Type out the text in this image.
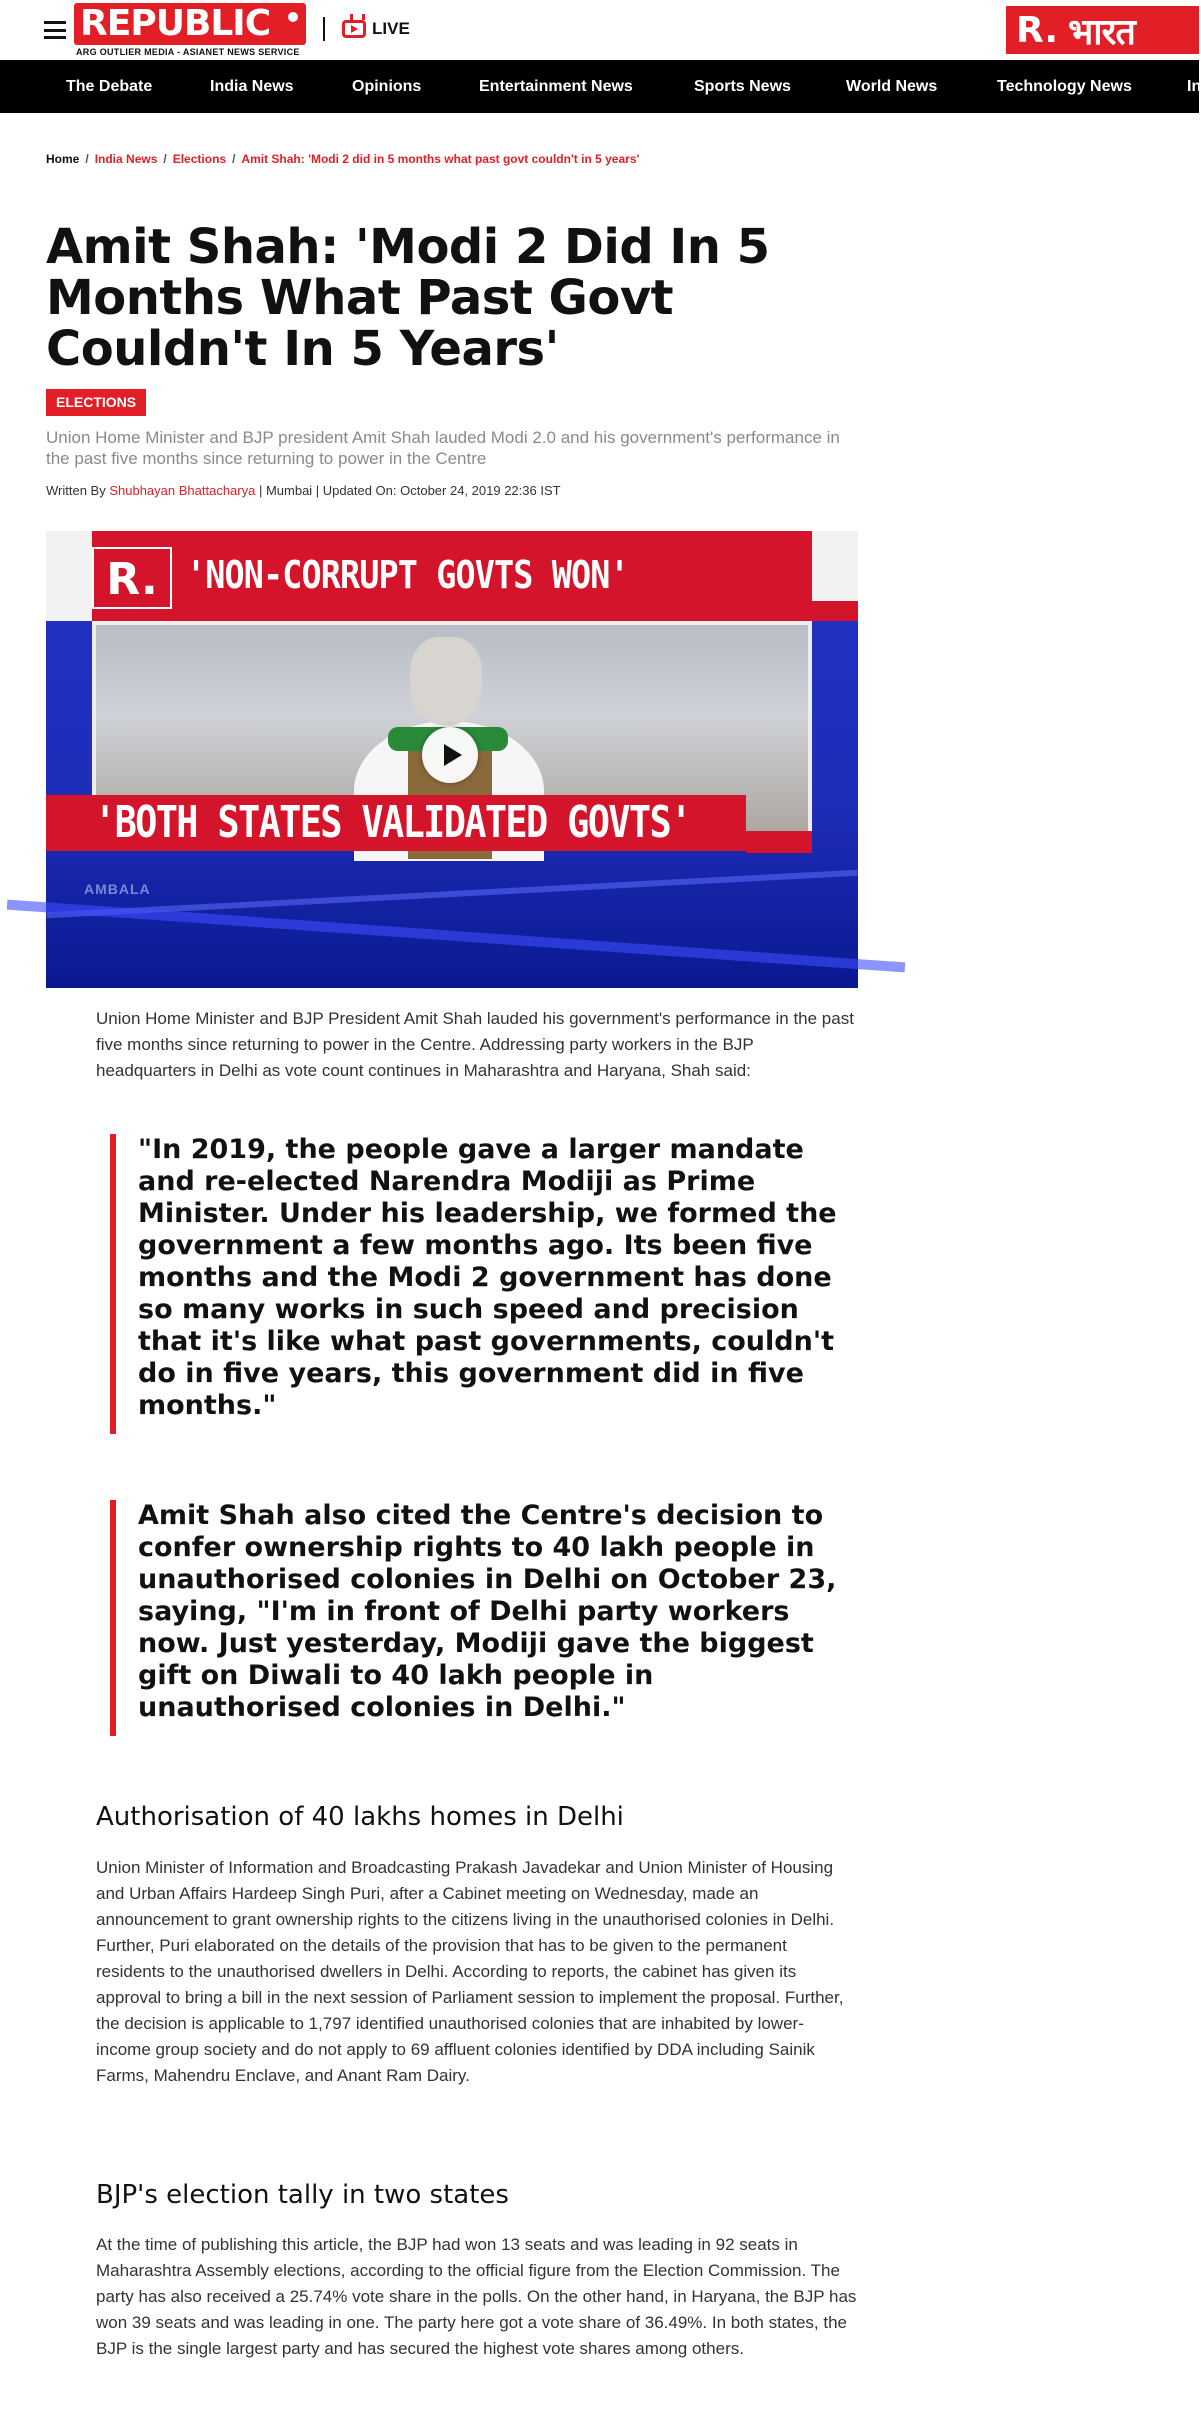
REPUBLIC
ARG OUTLIER MEDIA - ASIANET NEWS SERVICE
LIVE	R. भारत
The Debate	India News	Opinions	Entertainment News	Sports News	World News	Technology News	In
Home / India News / Elections / Amit Shah: 'Modi 2 did in 5 months what past govt couldn't in 5 years'
Amit Shah: 'Modi 2 Did In 5 Months What Past Govt Couldn't In 5 Years'
ELECTIONS

Union Home Minister and BJP president Amit Shah lauded Modi 2.0 and his government's performance in the past five months since returning to power in the Centre

Written By Shubhayan Bhattacharya | Mumbai | Updated On: October 24, 2019 22:36 IST
R. 'NON-CORRUPT GOVTS WON'
'BOTH STATES VALIDATED GOVTS'
AMBALA

Union Home Minister and BJP President Amit Shah lauded his government's performance in the past five months since returning to power in the Centre. Addressing party workers in the BJP headquarters in Delhi as vote count continues in Maharashtra and Haryana, Shah said:

"In 2019, the people gave a larger mandate and re-elected Narendra Modiji as Prime Minister. Under his leadership, we formed the government a few months ago. Its been five months and the Modi 2 government has done so many works in such speed and precision that it's like what past governments, couldn't do in five years, this government did in five months."
Amit Shah also cited the Centre's decision to confer ownership rights to 40 lakh people in unauthorised colonies in Delhi on October 23, saying, "I'm in front of Delhi party workers now. Just yesterday, Modiji gave the biggest gift on Diwali to 40 lakh people in unauthorised colonies in Delhi."
Authorisation of 40 lakhs homes in Delhi

Union Minister of Information and Broadcasting Prakash Javadekar and Union Minister of Housing and Urban Affairs Hardeep Singh Puri, after a Cabinet meeting on Wednesday, made an announcement to grant ownership rights to the citizens living in the unauthorised colonies in Delhi. Further, Puri elaborated on the details of the provision that has to be given to the permanent residents to the unauthorised dwellers in Delhi. According to reports, the cabinet has given its approval to bring a bill in the next session of Parliament session to implement the proposal. Further, the decision is applicable to 1,797 identified unauthorised colonies that are inhabited by lower-income group society and do not apply to 69 affluent colonies identified by DDA including Sainik Farms, Mahendru Enclave, and Anant Ram Dairy.

BJP's election tally in two states

At the time of publishing this article, the BJP had won 13 seats and was leading in 92 seats in Maharashtra Assembly elections, according to the official figure from the Election Commission. The party has also received a 25.74% vote share in the polls. On the other hand, in Haryana, the BJP has won 39 seats and was leading in one. The party here got a vote share of 36.49%. In both states, the BJP is the single largest party and has secured the highest vote shares among others.
